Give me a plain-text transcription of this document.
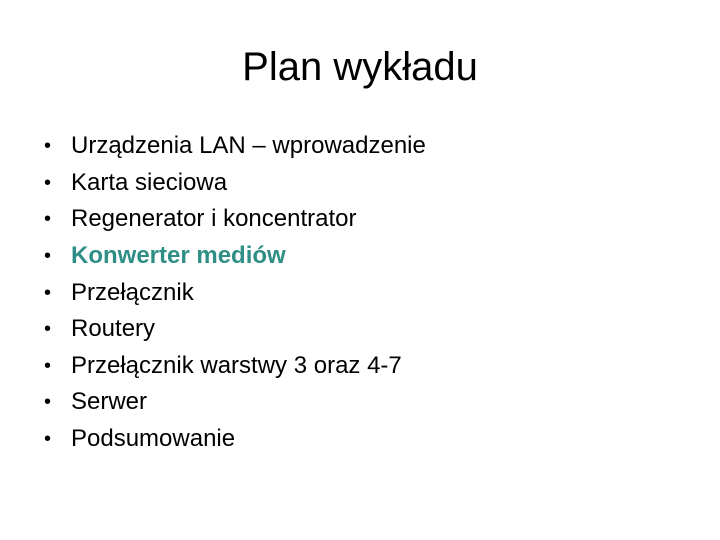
Plan wykładu
• Urządzenia LAN – wprowadzenie
• Karta sieciowa
• Regenerator i koncentrator
• Konwerter mediów
• Przełącznik
• Routery
• Przełącznik warstwy 3 oraz 4-7
• Serwer
• Podsumowanie
